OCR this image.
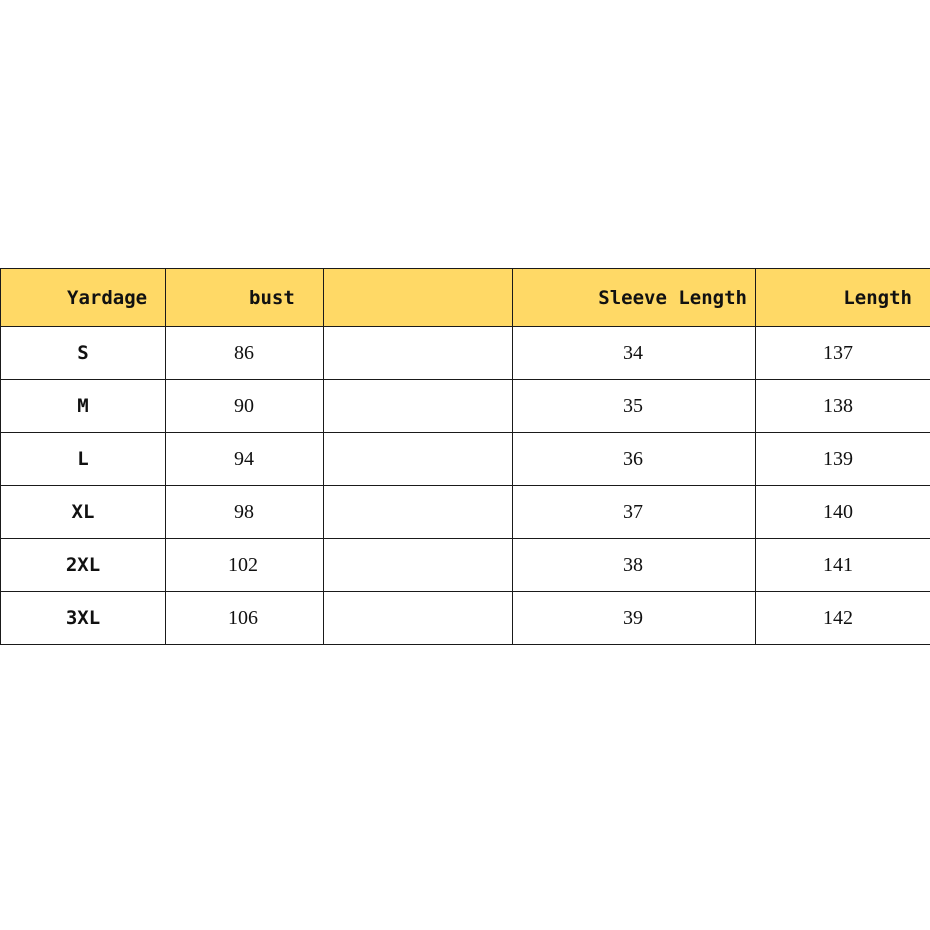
Yardage	bust		Sleeve Length	Length
S	86		34	137
M	90		35	138
L	94		36	139
XL	98		37	140
2XL	102		38	141
3XL	106		39	142
